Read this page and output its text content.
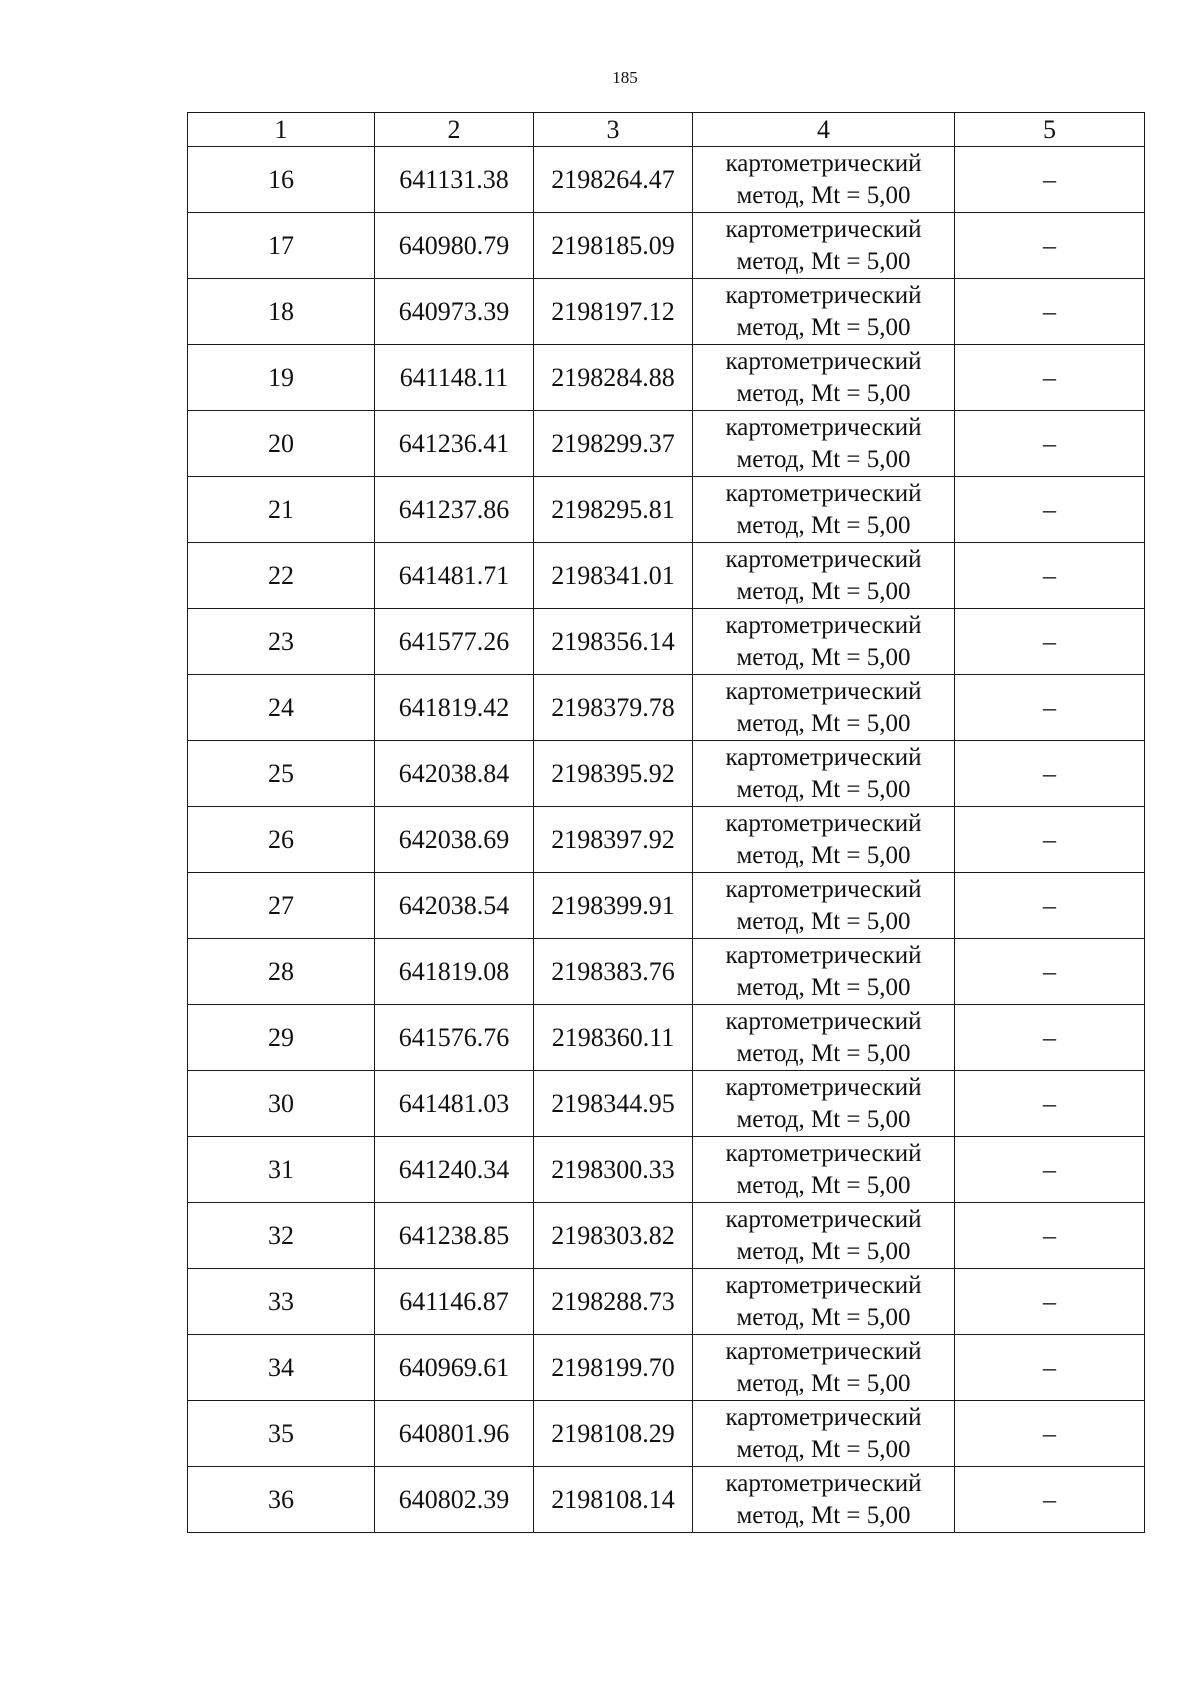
185
1	2	3	4	5
16	641131.38	2198264.47	картометрический
метод, Mt = 5,00	–
17	640980.79	2198185.09	картометрический
метод, Mt = 5,00	–
18	640973.39	2198197.12	картометрический
метод, Mt = 5,00	–
19	641148.11	2198284.88	картометрический
метод, Mt = 5,00	–
20	641236.41	2198299.37	картометрический
метод, Mt = 5,00	–
21	641237.86	2198295.81	картометрический
метод, Mt = 5,00	–
22	641481.71	2198341.01	картометрический
метод, Mt = 5,00	–
23	641577.26	2198356.14	картометрический
метод, Mt = 5,00	–
24	641819.42	2198379.78	картометрический
метод, Mt = 5,00	–
25	642038.84	2198395.92	картометрический
метод, Mt = 5,00	–
26	642038.69	2198397.92	картометрический
метод, Mt = 5,00	–
27	642038.54	2198399.91	картометрический
метод, Mt = 5,00	–
28	641819.08	2198383.76	картометрический
метод, Mt = 5,00	–
29	641576.76	2198360.11	картометрический
метод, Mt = 5,00	–
30	641481.03	2198344.95	картометрический
метод, Mt = 5,00	–
31	641240.34	2198300.33	картометрический
метод, Mt = 5,00	–
32	641238.85	2198303.82	картометрический
метод, Mt = 5,00	–
33	641146.87	2198288.73	картометрический
метод, Mt = 5,00	–
34	640969.61	2198199.70	картометрический
метод, Mt = 5,00	–
35	640801.96	2198108.29	картометрический
метод, Mt = 5,00	–
36	640802.39	2198108.14	картометрический
метод, Mt = 5,00	–
